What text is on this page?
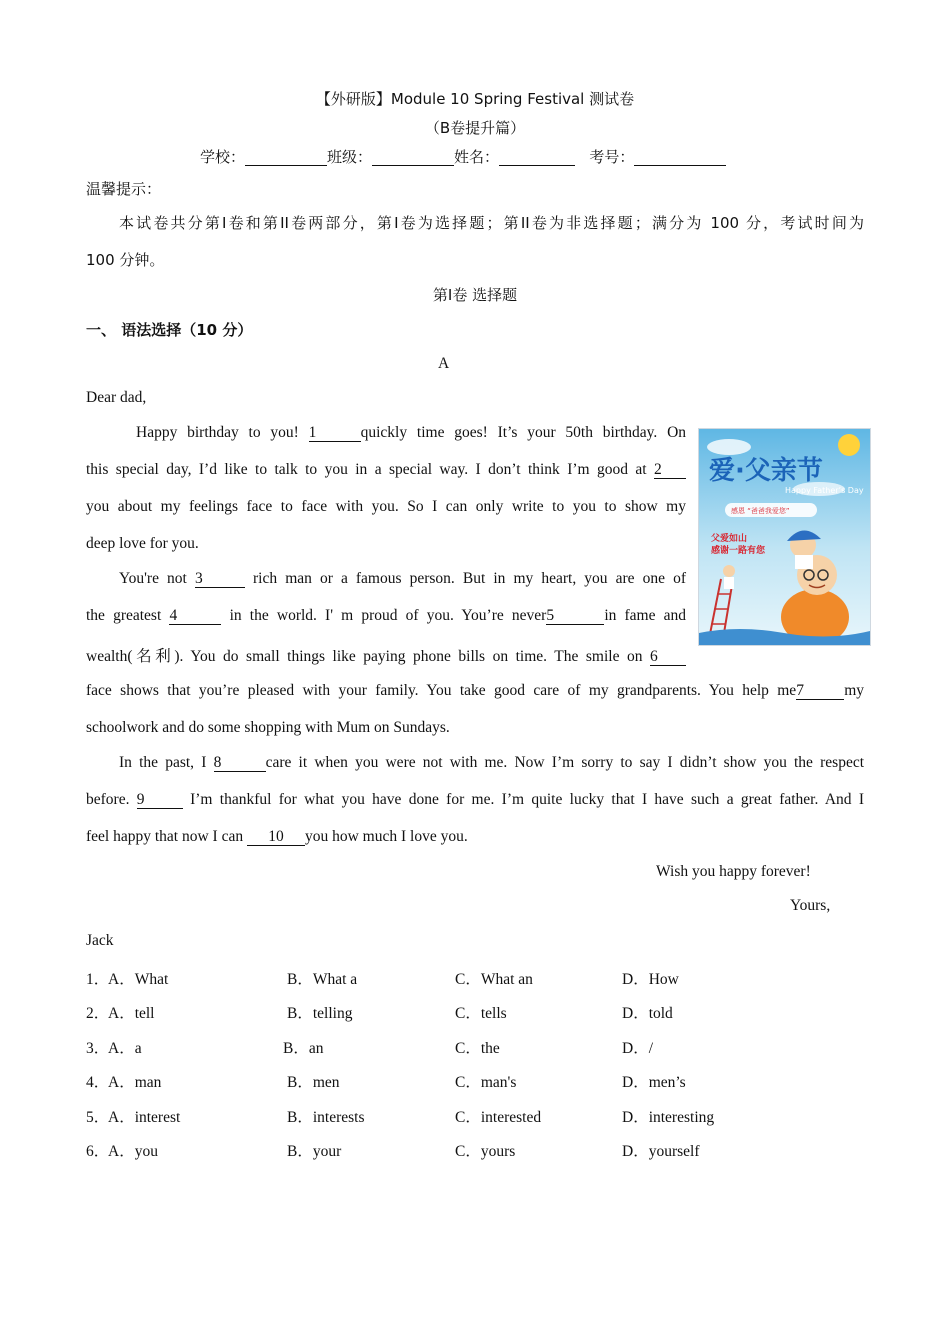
【外研版】Module 10 Spring Festival 测试卷
（B卷提升篇）
学校：	班级：	姓名：	考号：
温馨提示：
本试卷共分第I卷和第II卷两部分，第I卷为选择题；第II卷为非选择题；满分为 100 分，考试时间为
100 分钟。
第I卷 选择题
一、 语法选择（10 分）
A
Dear dad,
Happy birthday to you! 1	quickly time goes! It’s your 50th birthday. On
this special day, I’d like to talk to you in a special way. I don’t think I’m good at 2
you about my feelings face to face with you. So I can only write to you to show my
deep love for you.
You're not 3	rich man or a famous person. But in my heart, you are one of
the greatest 4	in the world. I' m proud of you. You’re never5	in fame and
wealth(名利). You do small things like paying phone bills on time. The smile on 6
face shows that you’re pleased with your family. You take good care of my grandparents. You help me7	my
schoolwork and do some shopping with Mum on Sundays.
In the past, I 8	care it when you were not with me. Now I’m sorry to say I didn’t show you the respect
before. 9	I’m thankful for what you have done for me. I’m quite lucky that I have such a great father. And I
feel happy that now I can 10 you how much I love you.
Wish you happy forever!
Yours,
Jack
爱·父亲节
Happy Father’s Day
感恩 “爸爸我爱您”
父爱如山
感谢一路有您
1．
A．What	B．What a	C．What an	D．How
2．
A．tell	B．telling	C．tells	D．told
3．
A．a	B．an	C．the	D．/
4．
A．man	B．men	C．man's	D．men’s
5．
A．interest	B．interests	C．interested	D．interesting
6．
A．you	B．your	C．yours	D．yourself
